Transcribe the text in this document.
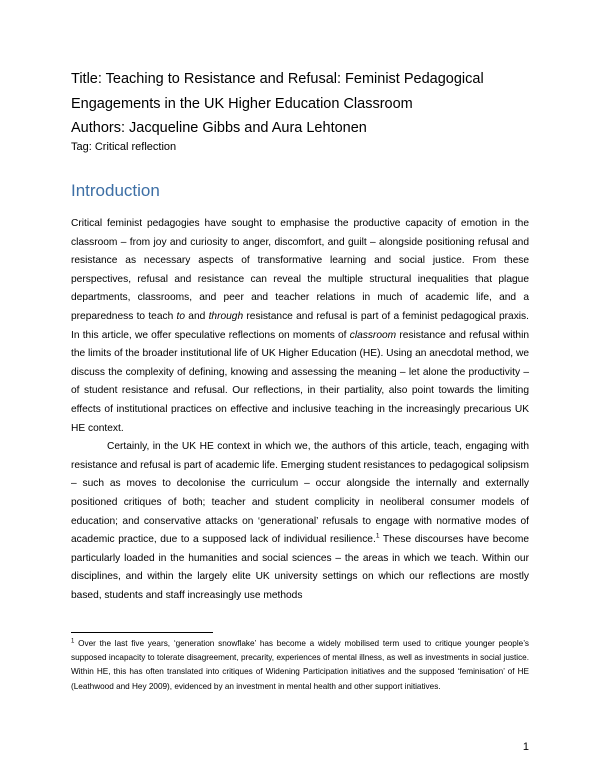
Title: Teaching to Resistance and Refusal: Feminist Pedagogical
Engagements in the UK Higher Education Classroom
Authors: Jacqueline Gibbs and Aura Lehtonen
Tag: Critical reflection
Introduction

Critical feminist pedagogies have sought to emphasise the productive capacity of emotion in the classroom – from joy and curiosity to anger, discomfort, and guilt – alongside positioning refusal and resistance as necessary aspects of transformative learning and social justice. From these perspectives, refusal and resistance can reveal the multiple structural inequalities that plague departments, classrooms, and peer and teacher relations in much of academic life, and a preparedness to teach to and through resistance and refusal is part of a feminist pedagogical praxis. In this article, we offer speculative reflections on moments of classroom resistance and refusal within the limits of the broader institutional life of UK Higher Education (HE). Using an anecdotal method, we discuss the complexity of defining, knowing and assessing the meaning – let alone the productivity – of student resistance and refusal. Our reflections, in their partiality, also point towards the limiting effects of institutional practices on effective and inclusive teaching in the increasingly precarious UK HE context.

Certainly, in the UK HE context in which we, the authors of this article, teach, engaging with resistance and refusal is part of academic life. Emerging student resistances to pedagogical solipsism – such as moves to decolonise the curriculum – occur alongside the internally and externally positioned critiques of both; teacher and student complicity in neoliberal consumer models of education; and conservative attacks on ‘generational’ refusals to engage with normative modes of academic practice, due to a supposed lack of individual resilience.$^1$ These discourses have become particularly loaded in the humanities and social sciences – the areas in which we teach. Within our disciplines, and within the largely elite UK university settings on which our reflections are mostly based, students and staff increasingly use methods

$^1$ Over the last five years, ‘generation snowflake’ has become a widely mobilised term used to critique younger people’s supposed incapacity to tolerate disagreement, precarity, experiences of mental illness, as well as investments in social justice. Within HE, this has often translated into critiques of Widening Participation initiatives and the supposed ‘feminisation’ of HE (Leathwood and Hey 2009), evidenced by an investment in mental health and other support initiatives.
1
